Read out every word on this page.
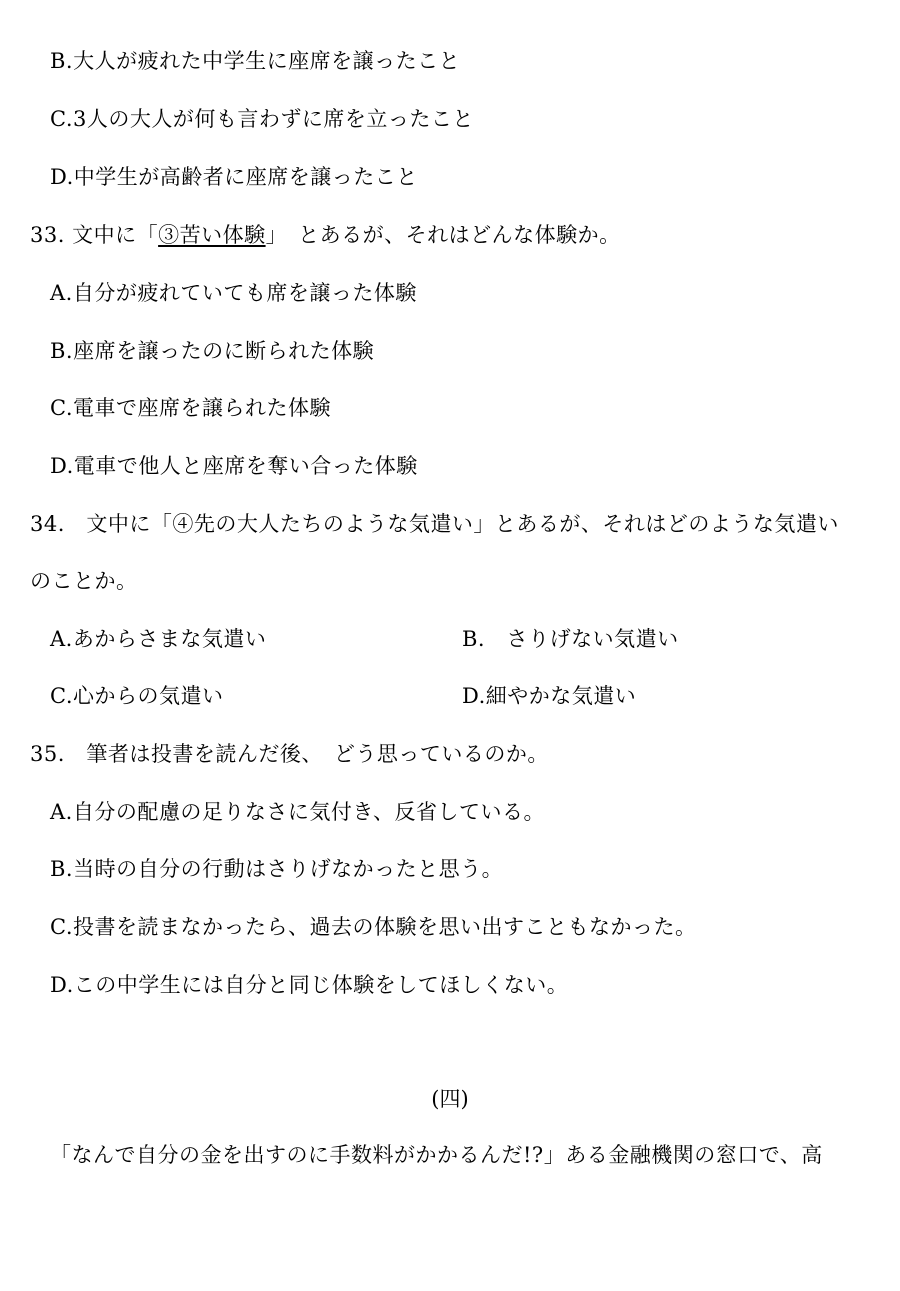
B.大人が疲れた中学生に座席を譲ったこと
C.3人の大人が何も言わずに席を立ったこと
D.中学生が高齢者に座席を譲ったこと
33. 文中に「③苦い体験」　とあるが、それはどんな体験か。
A.自分が疲れていても席を譲った体験
B.座席を譲ったのに断られた体験
C.電車で座席を譲られた体験
D.電車で他人と座席を奪い合った体験
34.　文中に「④先の大人たちのような気遣い」とあるが、それはどのような気遣い
のことか。
A.あからさまな気遣い	B.　さりげない気遣い
C.心からの気遣い	D.細やかな気遣い
35.　筆者は投書を読んだ後、　どう思っているのか。
A.自分の配慮の足りなさに気付き、反省している。
B.当時の自分の行動はさりげなかったと思う。
C.投書を読まなかったら、過去の体験を思い出すこともなかった。
D.この中学生には自分と同じ体験をしてほしくない。
(四)
「なんで自分の金を出すのに手数料がかかるんだ!?」ある金融機関の窓口で、高
